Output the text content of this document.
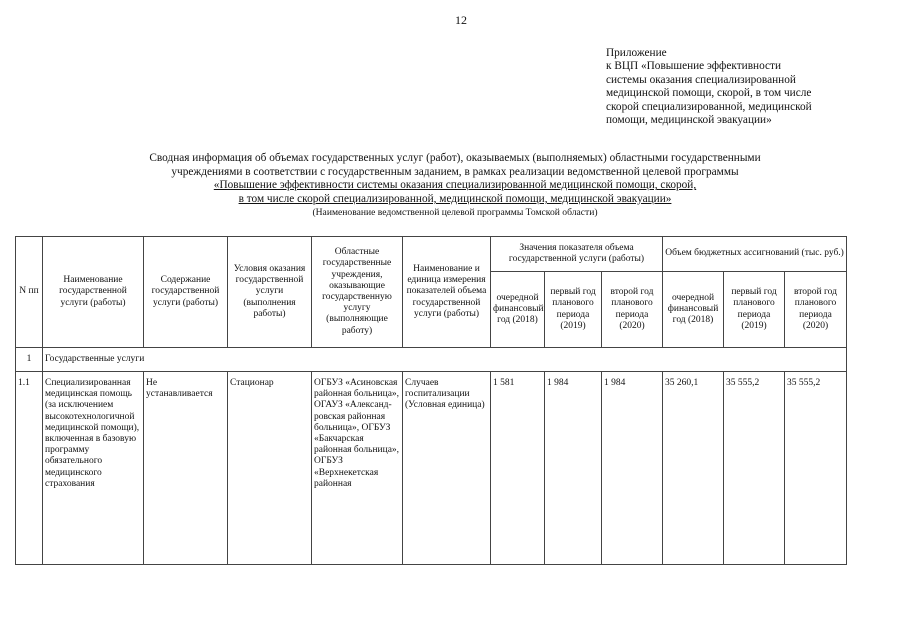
12
Приложение
к ВЦП «Повышение эффективности
системы оказания специализированной
медицинской помощи, скорой, в том числе
скорой специализированной, медицинской
помощи, медицинской эвакуации»
Сводная информация об объемах государственных услуг (работ), оказываемых (выполняемых) областными государственными
учреждениями в соответствии с государственным заданием, в рамках реализации ведомственной целевой программы
«Повышение эффективности системы оказания специализированной медицинской помощи, скорой,
в том числе скорой специализированной, медицинской помощи, медицинской эвакуации»
(Наименование ведомственной целевой программы Томской области)
N пп	Наименование государственной услуги (работы)	Содержание государственной услуги (работы)	Условия оказания государственной услуги (выполнения работы)	Областные государственные учреждения, оказывающие государственную услугу (выполняющие работу)	Наименование и единица измерения показателей объема государственной услуги (работы)	Значения показателя объема государственной услуги (работы)			Объем бюджетных ассигнований (тыс. руб.)		
						очередной финансовый год (2018)	первый год планового периода (2019)	второй год планового периода (2020)	очередной финансовый год (2018)	первый год планового периода (2019)	второй год планового периода (2020)
1	Государственные услуги										
1.1	Специализированная медицинская помощь (за исключением высокотехнологичной медицинской помощи), включенная в базовую программу обязательного медицинского страхования	Не устанавливается	Стационар	ОГБУЗ «Асиновская районная больница», ОГАУЗ «Александ-ровская районная больница», ОГБУЗ «Бакчарская районная больница», ОГБУЗ «Верхнекетская районная	Случаев госпитализации (Условная единица)	1 581	1 984	1 984	35 260,1	35 555,2	35 555,2
